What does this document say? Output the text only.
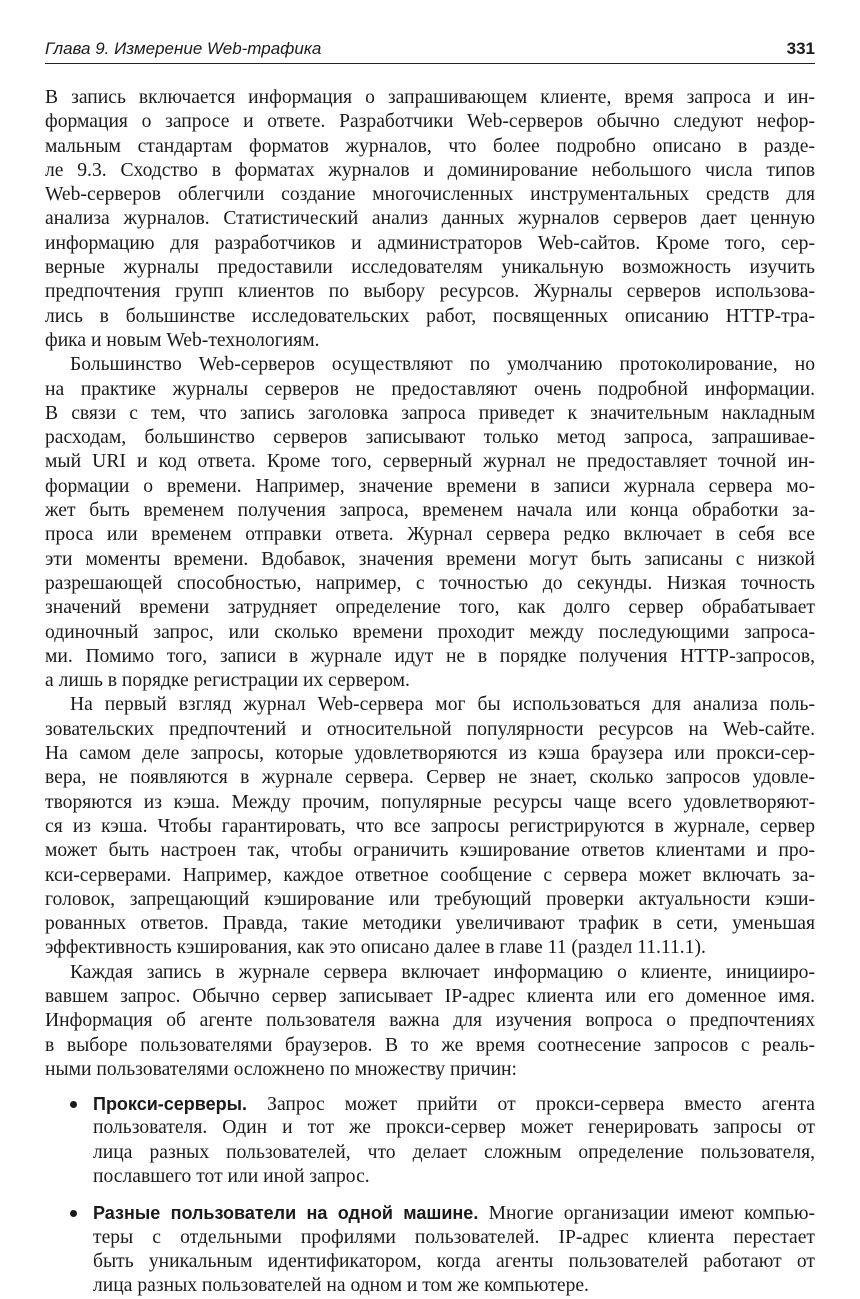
Глава 9. Измерение Web-трафика	331
В запись включается информация о запрашивающем клиенте, время запроса и ин-
формация о запросе и ответе. Разработчики Web-серверов обычно следуют нефор-
мальным стандартам форматов журналов, что более подробно описано в разде-
ле 9.3. Сходство в форматах журналов и доминирование небольшого числа типов
Web-серверов облегчили создание многочисленных инструментальных средств для
анализа журналов. Статистический анализ данных журналов серверов дает ценную
информацию для разработчиков и администраторов Web-сайтов. Кроме того, сер-
верные журналы предоставили исследователям уникальную возможность изучить
предпочтения групп клиентов по выбору ресурсов. Журналы серверов использова-
лись в большинстве исследовательских работ, посвященных описанию HTTP-тра-
фика и новым Web-технологиям.
Большинство Web-серверов осуществляют по умолчанию протоколирование, но
на практике журналы серверов не предоставляют очень подробной информации.
В связи с тем, что запись заголовка запроса приведет к значительным накладным
расходам, большинство серверов записывают только метод запроса, запрашивае-
мый URI и код ответа. Кроме того, серверный журнал не предоставляет точной ин-
формации о времени. Например, значение времени в записи журнала сервера мо-
жет быть временем получения запроса, временем начала или конца обработки за-
проса или временем отправки ответа. Журнал сервера редко включает в себя все
эти моменты времени. Вдобавок, значения времени могут быть записаны с низкой
разрешающей способностью, например, с точностью до секунды. Низкая точность
значений времени затрудняет определение того, как долго сервер обрабатывает
одиночный запрос, или сколько времени проходит между последующими запроса-
ми. Помимо того, записи в журнале идут не в порядке получения HTTP-запросов,
а лишь в порядке регистрации их сервером.
На первый взгляд журнал Web-сервера мог бы использоваться для анализа поль-
зовательских предпочтений и относительной популярности ресурсов на Web-сайте.
На самом деле запросы, которые удовлетворяются из кэша браузера или прокси-сер-
вера, не появляются в журнале сервера. Сервер не знает, сколько запросов удовле-
творяются из кэша. Между прочим, популярные ресурсы чаще всего удовлетворяют-
ся из кэша. Чтобы гарантировать, что все запросы регистрируются в журнале, сервер
может быть настроен так, чтобы ограничить кэширование ответов клиентами и про-
кси-серверами. Например, каждое ответное сообщение с сервера может включать за-
головок, запрещающий кэширование или требующий проверки актуальности кэши-
рованных ответов. Правда, такие методики увеличивают трафик в сети, уменьшая
эффективность кэширования, как это описано далее в главе 11 (раздел 11.11.1).
Каждая запись в журнале сервера включает информацию о клиенте, иницииро-
вавшем запрос. Обычно сервер записывает IP-адрес клиента или его доменное имя.
Информация об агенте пользователя важна для изучения вопроса о предпочтениях
в выборе пользователями браузеров. В то же время соотнесение запросов с реаль-
ными пользователями осложнено по множеству причин:
Прокси-серверы. Запрос может прийти от прокси-сервера вместо агента
пользователя. Один и тот же прокси-сервер может генерировать запросы от
лица разных пользователей, что делает сложным определение пользователя,
пославшего тот или иной запрос.
Разные пользователи на одной машине. Многие организации имеют компью-
теры с отдельными профилями пользователей. IP-адрес клиента перестает
быть уникальным идентификатором, когда агенты пользователей работают от
лица разных пользователей на одном и том же компьютере.
